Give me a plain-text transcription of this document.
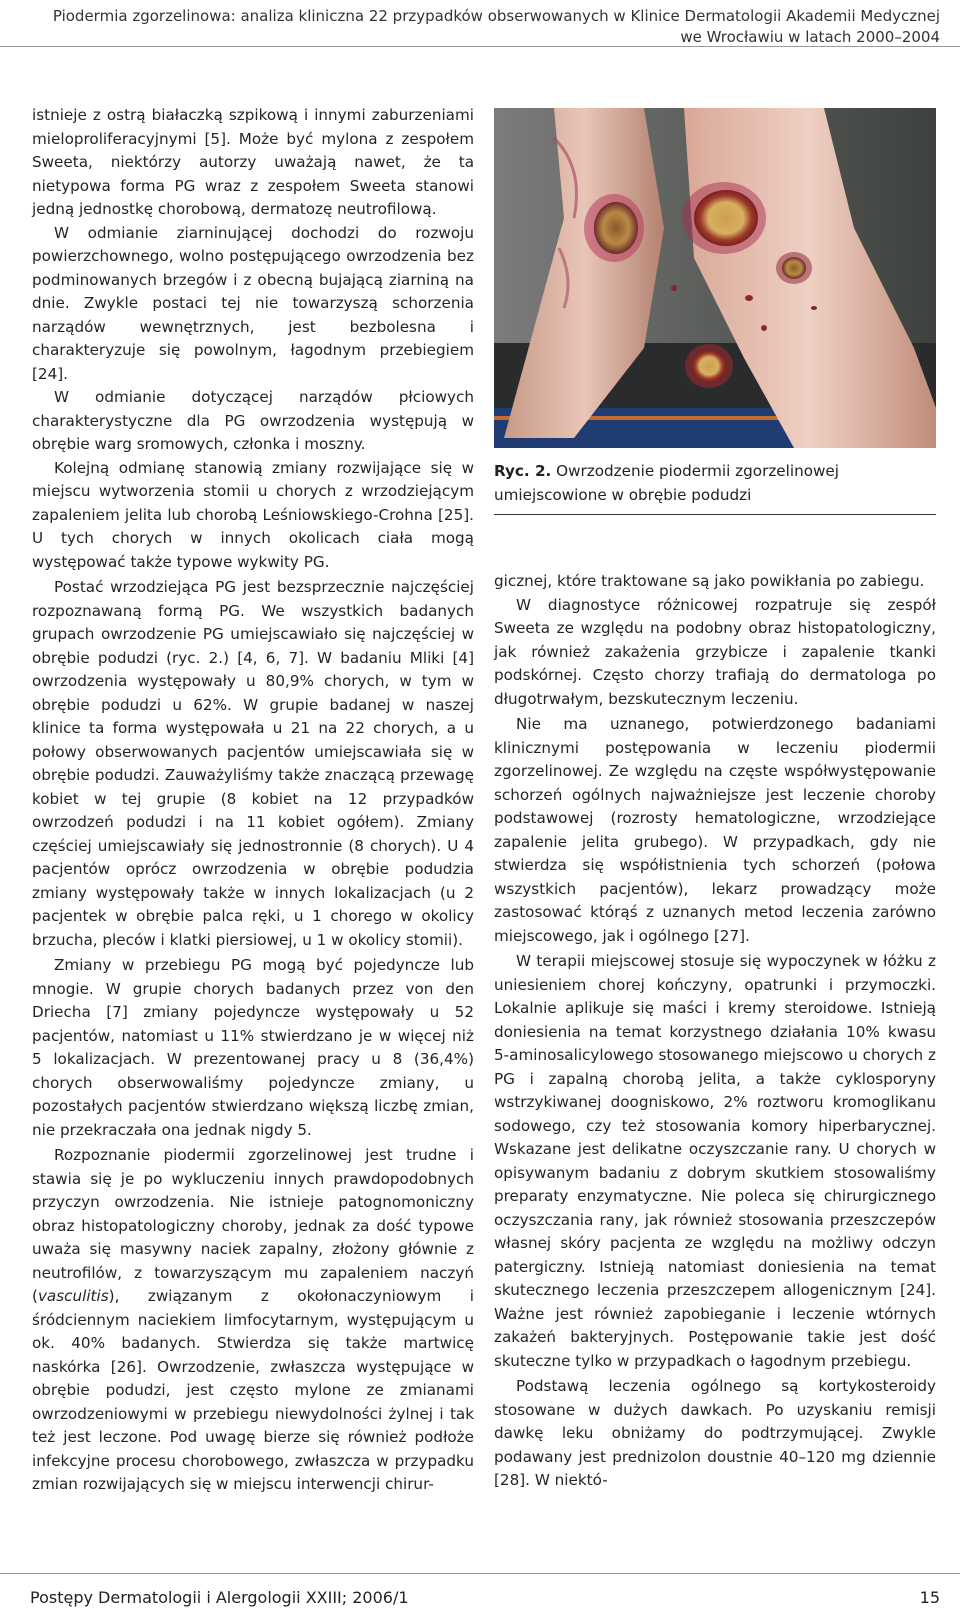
Piodermia zgorzelinowa: analiza kliniczna 22 przypadków obserwowanych w Klinice Dermatologii Akademii Medycznej
we Wrocławiu w latach 2000–2004

istnieje z ostrą białaczką szpikową i innymi zaburzeniami mieloproliferacyjnymi [5]. Może być mylona z zespołem Sweeta, niektórzy autorzy uważają nawet, że ta nietypowa forma PG wraz z zespołem Sweeta stanowi jedną jednostkę chorobową, dermatozę neutrofilową.

W odmianie ziarninującej dochodzi do rozwoju powierzchownego, wolno postępującego owrzodzenia bez podminowanych brzegów i z obecną bujającą ziarniną na dnie. Zwykle postaci tej nie towarzyszą schorzenia narządów wewnętrznych, jest bezbolesna i charakteryzuje się powolnym, łagodnym przebiegiem [24].

W odmianie dotyczącej narządów płciowych charakterystyczne dla PG owrzodzenia występują w obrębie warg sromowych, członka i moszny.

Kolejną odmianę stanowią zmiany rozwijające się w miejscu wytworzenia stomii u chorych z wrzodziejącym zapaleniem jelita lub chorobą Leśniowskiego-Crohna [25]. U tych chorych w innych okolicach ciała mogą występować także typowe wykwity PG.

Postać wrzodziejąca PG jest bezsprzecznie najczęściej rozpoznawaną formą PG. We wszystkich badanych grupach owrzodzenie PG umiejscawiało się najczęściej w obrębie podudzi (ryc. 2.) [4, 6, 7]. W badaniu Mliki [4] owrzodzenia występowały u 80,9% chorych, w tym w obrębie podudzi u 62%. W grupie badanej w naszej klinice ta forma występowała u 21 na 22 chorych, a u połowy obserwowanych pacjentów umiejscawiała się w obrębie podudzi. Zauważyliśmy także znaczącą przewagę kobiet w tej grupie (8 kobiet na 12 przypadków owrzodzeń podudzi i na 11 kobiet ogółem). Zmiany częściej umiejscawiały się jednostronnie (8 chorych). U 4 pacjentów oprócz owrzodzenia w obrębie podudzia zmiany występowały także w innych lokalizacjach (u 2 pacjentek w obrębie palca ręki, u 1 chorego w okolicy brzucha, pleców i klatki piersiowej, u 1 w okolicy stomii).

Zmiany w przebiegu PG mogą być pojedyncze lub mnogie. W grupie chorych badanych przez von den Driecha [7] zmiany pojedyncze występowały u 52 pacjentów, natomiast u 11% stwierdzano je w więcej niż 5 lokalizacjach. W prezentowanej pracy u 8 (36,4%) chorych obserwowaliśmy pojedyncze zmiany, u pozostałych pacjentów stwierdzano większą liczbę zmian, nie przekraczała ona jednak nigdy 5.

Rozpoznanie piodermii zgorzelinowej jest trudne i stawia się je po wykluczeniu innych prawdopodobnych przyczyn owrzodzenia. Nie istnieje patognomoniczny obraz histopatologiczny choroby, jednak za dość typowe uważa się masywny naciek zapalny, złożony głównie z neutrofilów, z towarzyszącym mu zapaleniem naczyń (vasculitis), związanym z okołonaczyniowym i śródciennym naciekiem limfocytarnym, występującym u ok. 40% badanych. Stwierdza się także martwicę naskórka [26]. Owrzodzenie, zwłaszcza występujące w obrębie podudzi, jest często mylone ze zmianami owrzodzeniowymi w przebiegu niewydolności żylnej i tak też jest leczone. Pod uwagę bierze się również podłoże infekcyjne procesu chorobowego, zwłaszcza w przypadku zmian rozwijających się w miejscu interwencji chirur-

Ryc. 2. Owrzodzenie piodermii zgorzelinowej umiejscowione w obrębie podudzi

gicznej, które traktowane są jako powikłania po zabiegu.

W diagnostyce różnicowej rozpatruje się zespół Sweeta ze względu na podobny obraz histopatologiczny, jak również zakażenia grzybicze i zapalenie tkanki podskórnej. Często chorzy trafiają do dermatologa po długotrwałym, bezskutecznym leczeniu.

Nie ma uznanego, potwierdzonego badaniami klinicznymi postępowania w leczeniu piodermii zgorzelinowej. Ze względu na częste współwystępowanie schorzeń ogólnych najważniejsze jest leczenie choroby podstawowej (rozrosty hematologiczne, wrzodziejące zapalenie jelita grubego). W przypadkach, gdy nie stwierdza się współistnienia tych schorzeń (połowa wszystkich pacjentów), lekarz prowadzący może zastosować którąś z uznanych metod leczenia zarówno miejscowego, jak i ogólnego [27].

W terapii miejscowej stosuje się wypoczynek w łóżku z uniesieniem chorej kończyny, opatrunki i przymoczki. Lokalnie aplikuje się maści i kremy steroidowe. Istnieją doniesienia na temat korzystnego działania 10% kwasu 5-aminosalicylowego stosowanego miejscowo u chorych z PG i zapalną chorobą jelita, a także cyklosporyny wstrzykiwanej doogniskowo, 2% roztworu kromoglikanu sodowego, czy też stosowania komory hiperbarycznej. Wskazane jest delikatne oczyszczanie rany. U chorych w opisywanym badaniu z dobrym skutkiem stosowaliśmy preparaty enzymatyczne. Nie poleca się chirurgicznego oczyszczania rany, jak również stosowania przeszczepów własnej skóry pacjenta ze względu na możliwy odczyn patergiczny. Istnieją natomiast doniesienia na temat skutecznego leczenia przeszczepem allogenicznym [24]. Ważne jest również zapobieganie i leczenie wtórnych zakażeń bakteryjnych. Postępowanie takie jest dość skuteczne tylko w przypadkach o łagodnym przebiegu.

Podstawą leczenia ogólnego są kortykosteroidy stosowane w dużych dawkach. Po uzyskaniu remisji dawkę leku obniżamy do podtrzymującej. Zwykle podawany jest prednizolon doustnie 40–120 mg dziennie [28]. W niektó-

Postępy Dermatologii i Alergologii XXIII; 2006/1	15
